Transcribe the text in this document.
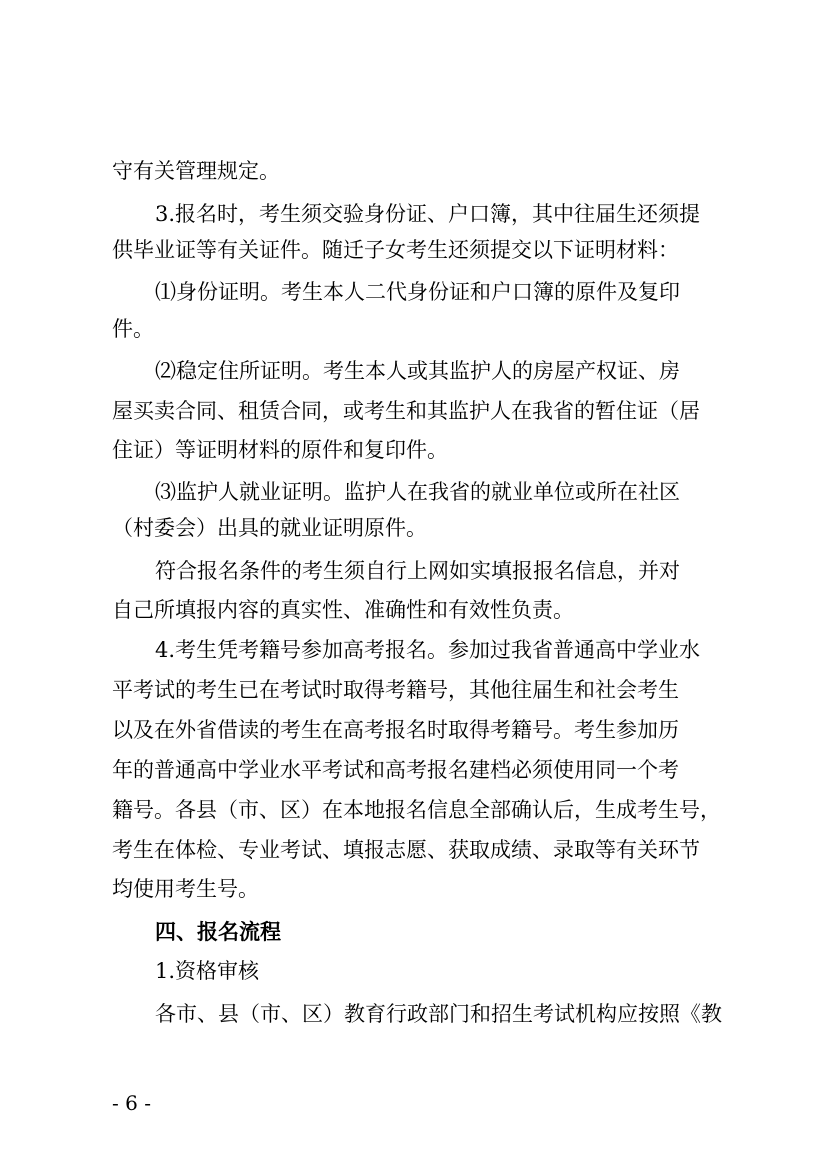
守有关管理规定。
3.报名时，考生须交验身份证、户口簿，其中往届生还须提
供毕业证等有关证件。随迁子女考生还须提交以下证明材料：
⑴身份证明。考生本人二代身份证和户口簿的原件及复印
件。
⑵稳定住所证明。考生本人或其监护人的房屋产权证、房
屋买卖合同、租赁合同，或考生和其监护人在我省的暂住证（居
住证）等证明材料的原件和复印件。
⑶监护人就业证明。监护人在我省的就业单位或所在社区
（村委会）出具的就业证明原件。
符合报名条件的考生须自行上网如实填报报名信息，并对
自己所填报内容的真实性、准确性和有效性负责。
4.考生凭考籍号参加高考报名。参加过我省普通高中学业水
平考试的考生已在考试时取得考籍号，其他往届生和社会考生
以及在外省借读的考生在高考报名时取得考籍号。考生参加历
年的普通高中学业水平考试和高考报名建档必须使用同一个考
籍号。各县（市、区）在本地报名信息全部确认后，生成考生号，
考生在体检、专业考试、填报志愿、获取成绩、录取等有关环节
均使用考生号。
四、报名流程
1.资格审核
各市、县（市、区）教育行政部门和招生考试机构应按照《教
- 6 -
